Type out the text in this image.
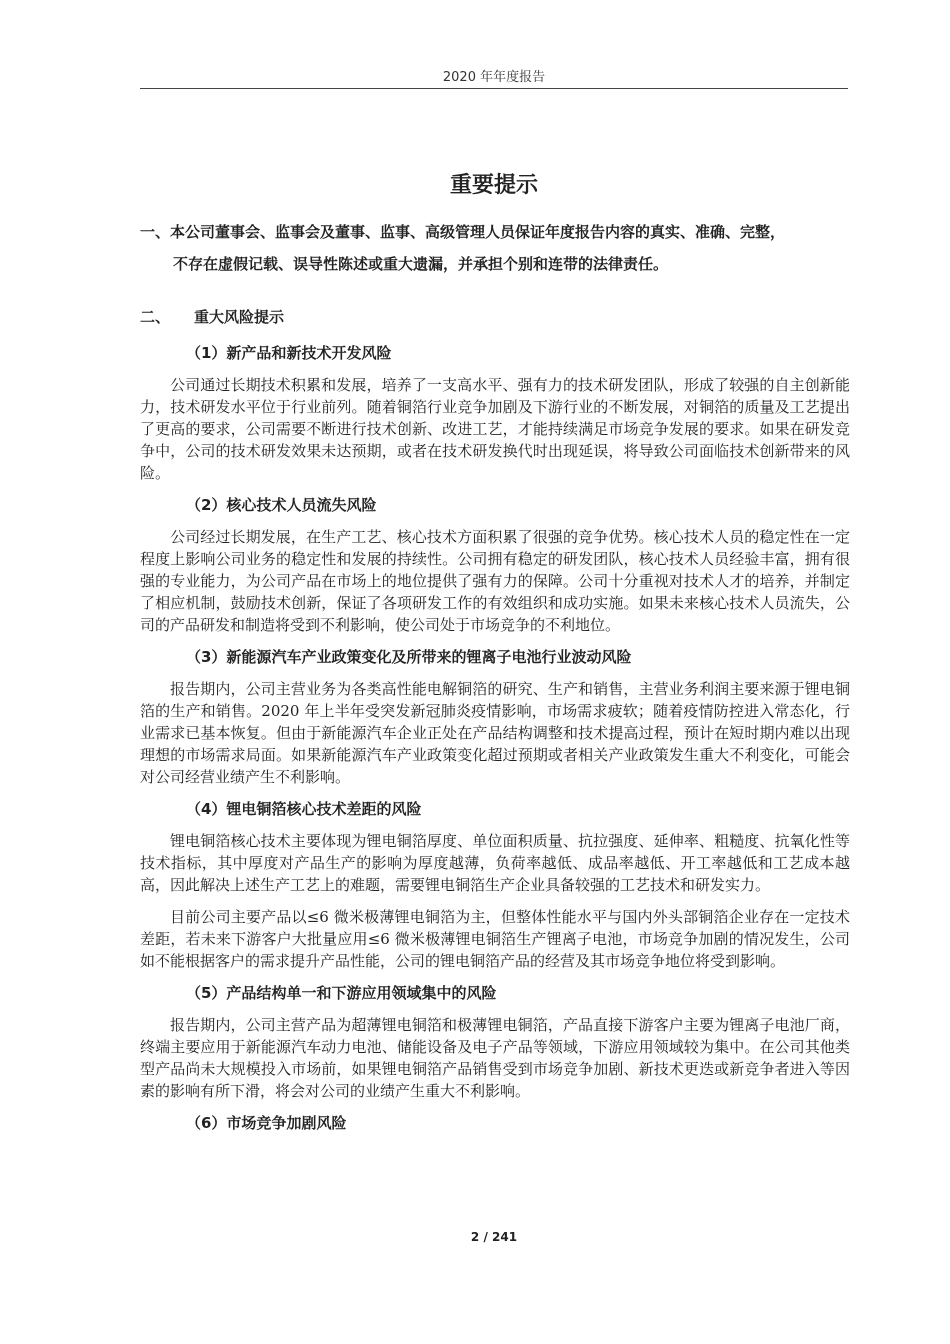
2020 年年度报告
重要提示
一、本公司董事会、监事会及董事、监事、高级管理人员保证年度报告内容的真实、准确、完整，
不存在虚假记载、误导性陈述或重大遗漏，并承担个别和连带的法律责任。
二、 重大风险提示
（1）新产品和新技术开发风险

公司通过长期技术积累和发展，培养了一支高水平、强有力的技术研发团队，形成了较强的自主创新能力，技术研发水平位于行业前列。随着铜箔行业竞争加剧及下游行业的不断发展，对铜箔的质量及工艺提出了更高的要求，公司需要不断进行技术创新、改进工艺，才能持续满足市场竞争发展的要求。如果在研发竞争中，公司的技术研发效果未达预期，或者在技术研发换代时出现延误，将导致公司面临技术创新带来的风险。

（2）核心技术人员流失风险

公司经过长期发展，在生产工艺、核心技术方面积累了很强的竞争优势。核心技术人员的稳定性在一定程度上影响公司业务的稳定性和发展的持续性。公司拥有稳定的研发团队，核心技术人员经验丰富，拥有很强的专业能力，为公司产品在市场上的地位提供了强有力的保障。公司十分重视对技术人才的培养，并制定了相应机制，鼓励技术创新，保证了各项研发工作的有效组织和成功实施。如果未来核心技术人员流失，公司的产品研发和制造将受到不利影响，使公司处于市场竞争的不利地位。

（3）新能源汽车产业政策变化及所带来的锂离子电池行业波动风险

报告期内，公司主营业务为各类高性能电解铜箔的研究、生产和销售，主营业务利润主要来源于锂电铜箔的生产和销售。2020 年上半年受突发新冠肺炎疫情影响，市场需求疲软；随着疫情防控进入常态化，行业需求已基本恢复。但由于新能源汽车企业正处在产品结构调整和技术提高过程，预计在短时期内难以出现理想的市场需求局面。如果新能源汽车产业政策变化超过预期或者相关产业政策发生重大不利变化，可能会对公司经营业绩产生不利影响。

（4）锂电铜箔核心技术差距的风险

锂电铜箔核心技术主要体现为锂电铜箔厚度、单位面积质量、抗拉强度、延伸率、粗糙度、抗氧化性等技术指标，其中厚度对产品生产的影响为厚度越薄，负荷率越低、成品率越低、开工率越低和工艺成本越高，因此解决上述生产工艺上的难题，需要锂电铜箔生产企业具备较强的工艺技术和研发实力。

目前公司主要产品以≤6 微米极薄锂电铜箔为主，但整体性能水平与国内外头部铜箔企业存在一定技术差距，若未来下游客户大批量应用≤6 微米极薄锂电铜箔生产锂离子电池，市场竞争加剧的情况发生，公司如不能根据客户的需求提升产品性能，公司的锂电铜箔产品的经营及其市场竞争地位将受到影响。

（5）产品结构单一和下游应用领域集中的风险

报告期内，公司主营产品为超薄锂电铜箔和极薄锂电铜箔，产品直接下游客户主要为锂离子电池厂商，终端主要应用于新能源汽车动力电池、储能设备及电子产品等领域，下游应用领域较为集中。在公司其他类型产品尚未大规模投入市场前，如果锂电铜箔产品销售受到市场竞争加剧、新技术更迭或新竞争者进入等因素的影响有所下滑，将会对公司的业绩产生重大不利影响。

（6）市场竞争加剧风险
2 / 241
